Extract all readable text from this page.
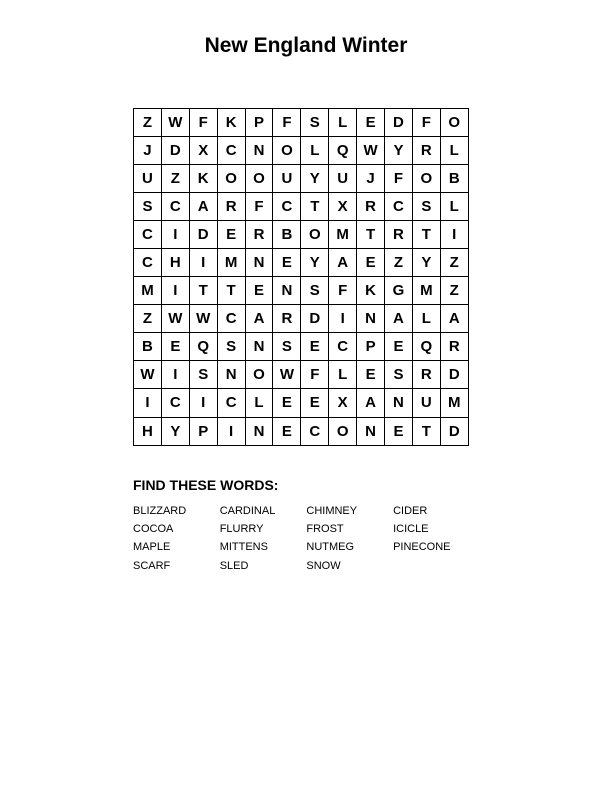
New England Winter
Z	W	F	K	P	F	S	L	E	D	F	O
J	D	X	C	N	O	L	Q	W	Y	R	L
U	Z	K	O	O	U	Y	U	J	F	O	B
S	C	A	R	F	C	T	X	R	C	S	L
C	I	D	E	R	B	O	M	T	R	T	I
C	H	I	M	N	E	Y	A	E	Z	Y	Z
M	I	T	T	E	N	S	F	K	G	M	Z
Z	W	W	C	A	R	D	I	N	A	L	A
B	E	Q	S	N	S	E	C	P	E	Q	R
W	I	S	N	O	W	F	L	E	S	R	D
I	C	I	C	L	E	E	X	A	N	U	M
H	Y	P	I	N	E	C	O	N	E	T	D
FIND THESE WORDS:
BLIZZARD	CARDINAL	CHIMNEY	CIDER
COCOA	FLURRY	FROST	ICICLE
MAPLE	MITTENS	NUTMEG	PINECONE
SCARF	SLED	SNOW
